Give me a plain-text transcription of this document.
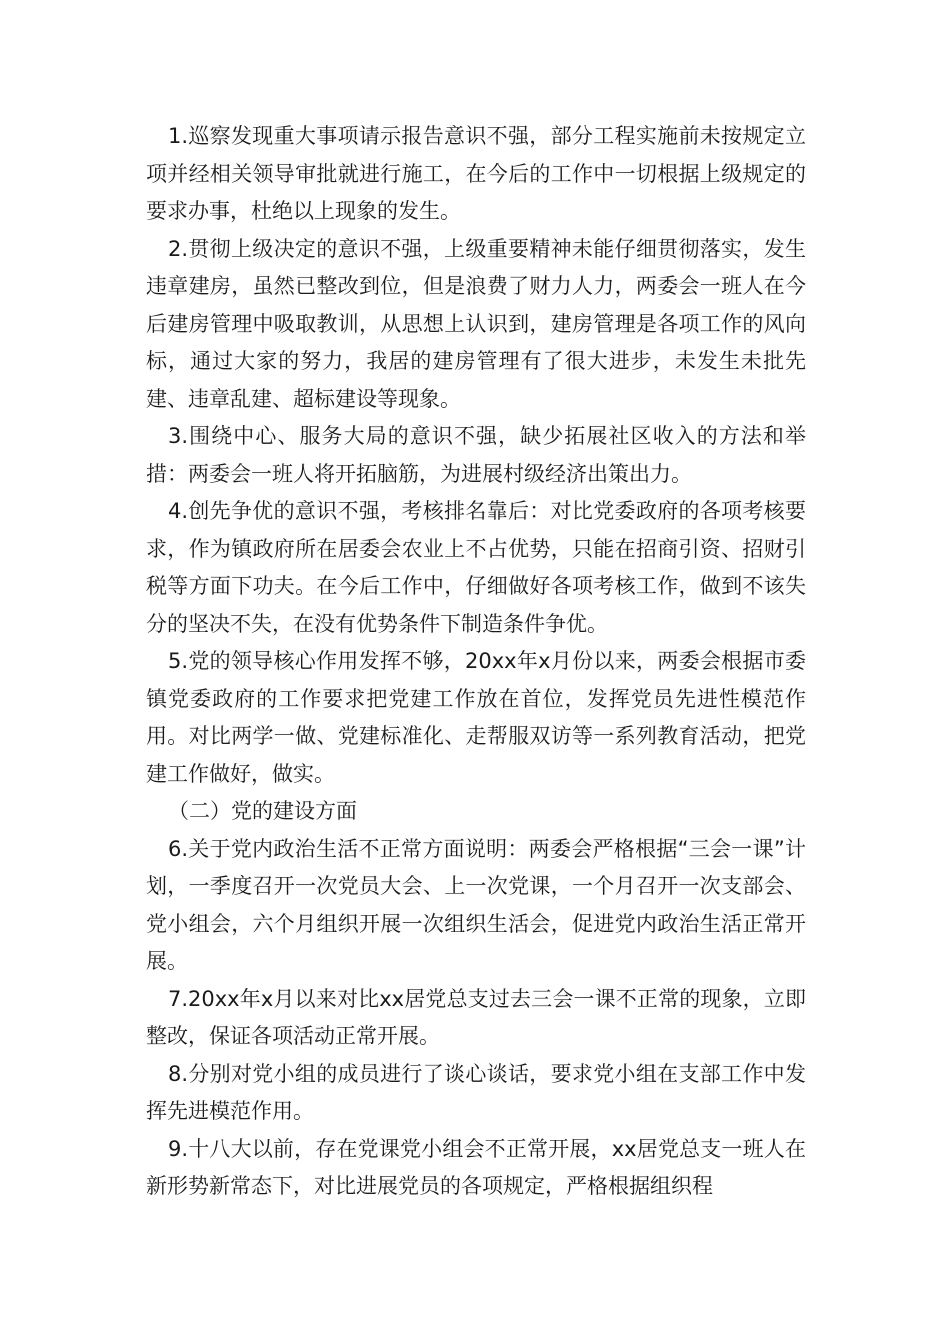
1.巡察发现重大事项请示报告意识不强，部分工程实施前未按规定立项并经相关领导审批就进行施工，在今后的工作中一切根据上级规定的要求办事，杜绝以上现象的发生。

2.贯彻上级决定的意识不强，上级重要精神未能仔细贯彻落实，发生违章建房，虽然已整改到位，但是浪费了财力人力，两委会一班人在今后建房管理中吸取教训，从思想上认识到，建房管理是各项工作的风向标，通过大家的努力，我居的建房管理有了很大进步，未发生未批先建、违章乱建、超标建设等现象。

3.围绕中心、服务大局的意识不强，缺少拓展社区收入的方法和举措：两委会一班人将开拓脑筋，为进展村级经济出策出力。

4.创先争优的意识不强，考核排名靠后：对比党委政府的各项考核要求，作为镇政府所在居委会农业上不占优势，只能在招商引资、招财引税等方面下功夫。在今后工作中，仔细做好各项考核工作，做到不该失分的坚决不失，在没有优势条件下制造条件争优。

5.党的领导核心作用发挥不够，20xx年x月份以来，两委会根据市委镇党委政府的工作要求把党建工作放在首位，发挥党员先进性模范作用。对比两学一做、党建标准化、走帮服双访等一系列教育活动，把党建工作做好，做实。

（二）党的建设方面

6.关于党内政治生活不正常方面说明：两委会严格根据“三会一课”计划，一季度召开一次党员大会、上一次党课，一个月召开一次支部会、党小组会，六个月组织开展一次组织生活会，促进党内政治生活正常开展。

7.20xx年x月以来对比xx居党总支过去三会一课不正常的现象，立即整改，保证各项活动正常开展。

8.分别对党小组的成员进行了谈心谈话，要求党小组在支部工作中发挥先进模范作用。

9.十八大以前，存在党课党小组会不正常开展，xx居党总支一班人在新形势新常态下，对比进展党员的各项规定，严格根据组织程
